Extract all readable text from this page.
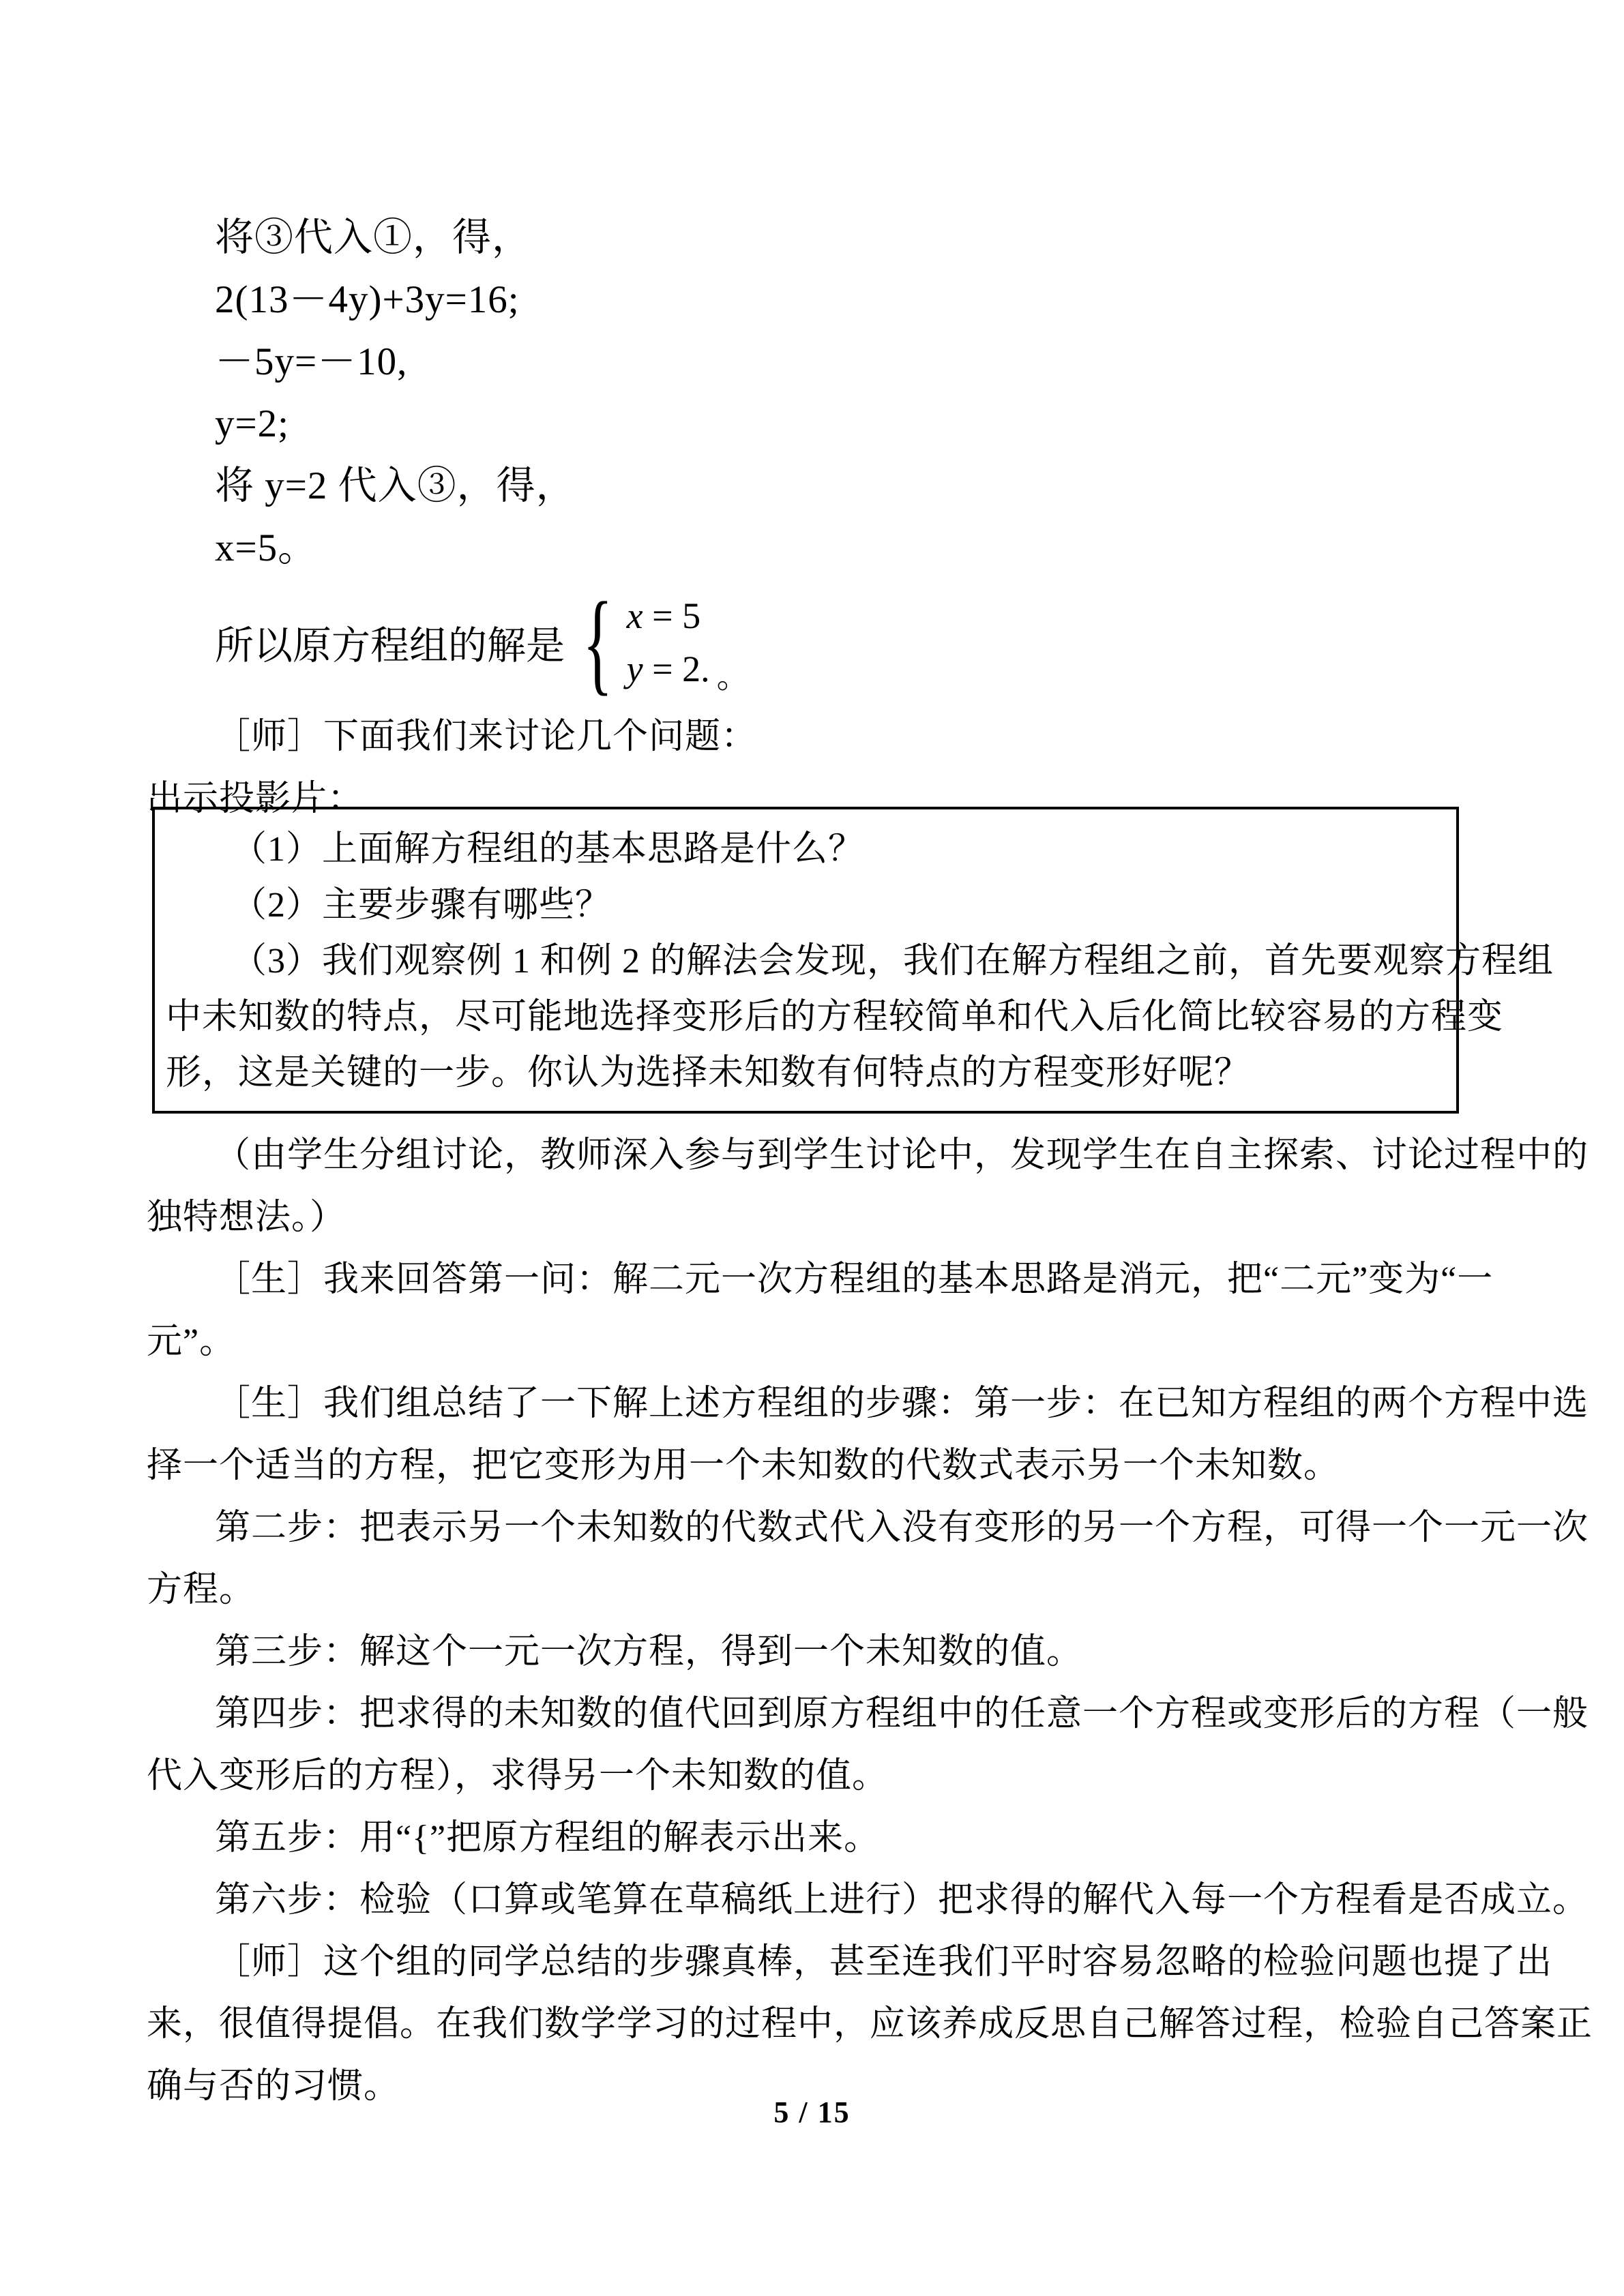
将③代入①，得，
2(13－4y)+3y=16;
－5y=－10,
y=2;
将 y=2 代入③，得，
x=5。
所以原方程组的解是 { x = 5
y = 2. 。
［师］下面我们来讨论几个问题：
出示投影片：
（1）上面解方程组的基本思路是什么？
（2）主要步骤有哪些？
（3）我们观察例 1 和例 2 的解法会发现，我们在解方程组之前，首先要观察方程组
中未知数的特点，尽可能地选择变形后的方程较简单和代入后化简比较容易的方程变
形，这是关键的一步。你认为选择未知数有何特点的方程变形好呢？
（由学生分组讨论，教师深入参与到学生讨论中，发现学生在自主探索、讨论过程中的
独特想法。）
［生］我来回答第一问：解二元一次方程组的基本思路是消元，把“二元”变为“一
元”。
［生］我们组总结了一下解上述方程组的步骤：第一步：在已知方程组的两个方程中选
择一个适当的方程，把它变形为用一个未知数的代数式表示另一个未知数。
第二步：把表示另一个未知数的代数式代入没有变形的另一个方程，可得一个一元一次
方程。
第三步：解这个一元一次方程，得到一个未知数的值。
第四步：把求得的未知数的值代回到原方程组中的任意一个方程或变形后的方程（一般
代入变形后的方程），求得另一个未知数的值。
第五步：用“{”把原方程组的解表示出来。
第六步：检验（口算或笔算在草稿纸上进行）把求得的解代入每一个方程看是否成立。
［师］这个组的同学总结的步骤真棒，甚至连我们平时容易忽略的检验问题也提了出
来，很值得提倡。在我们数学学习的过程中，应该养成反思自己解答过程，检验自己答案正
确与否的习惯。
5 / 15
